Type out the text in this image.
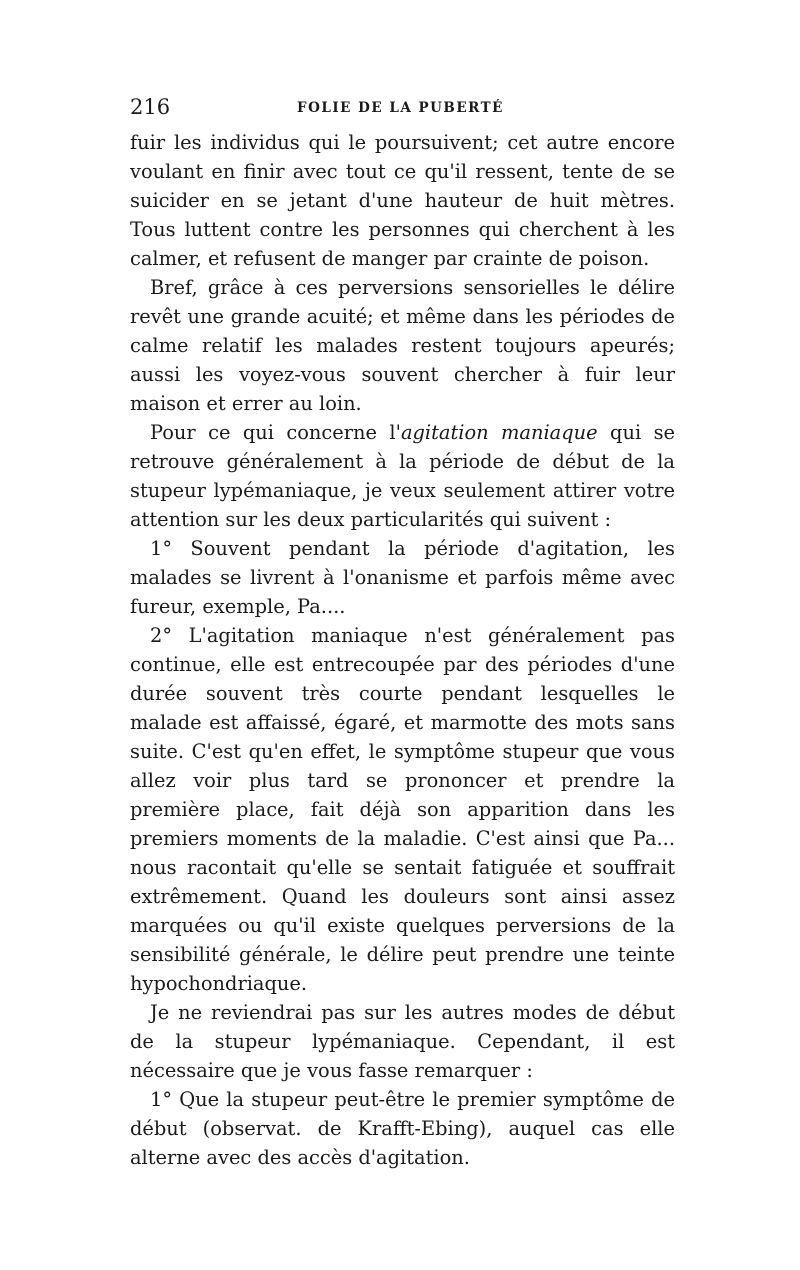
216	FOLIE DE LA PUBERTÉ

fuir les individus qui le poursuivent; cet autre encore voulant en finir avec tout ce qu'il ressent, tente de se suicider en se jetant d'une hauteur de huit mètres. Tous luttent contre les personnes qui cherchent à les calmer, et refusent de manger par crainte de poison.

Bref, grâce à ces perversions sensorielles le délire revêt une grande acuité; et même dans les périodes de calme relatif les malades restent toujours apeurés; aussi les voyez-vous souvent chercher à fuir leur maison et errer au loin.

Pour ce qui concerne l'agitation maniaque qui se retrouve généralement à la période de début de la stupeur lypémaniaque, je veux seulement attirer votre attention sur les deux particularités qui suivent :

1° Souvent pendant la période d'agitation, les malades se livrent à l'onanisme et parfois même avec fureur, exemple, Pa....

2° L'agitation maniaque n'est généralement pas continue, elle est entrecoupée par des périodes d'une durée souvent très courte pendant lesquelles le malade est affaissé, égaré, et marmotte des mots sans suite. C'est qu'en effet, le symptôme stupeur que vous allez voir plus tard se prononcer et prendre la première place, fait déjà son apparition dans les premiers moments de la maladie. C'est ainsi que Pa... nous racontait qu'elle se sentait fatiguée et souffrait extrêmement. Quand les douleurs sont ainsi assez marquées ou qu'il existe quelques perversions de la sensibilité générale, le délire peut prendre une teinte hypochondriaque.

Je ne reviendrai pas sur les autres modes de début de la stupeur lypémaniaque. Cependant, il est nécessaire que je vous fasse remarquer :

1° Que la stupeur peut-être le premier symptôme de début (observat. de Krafft-Ebing), auquel cas elle alterne avec des accès d'agitation.
